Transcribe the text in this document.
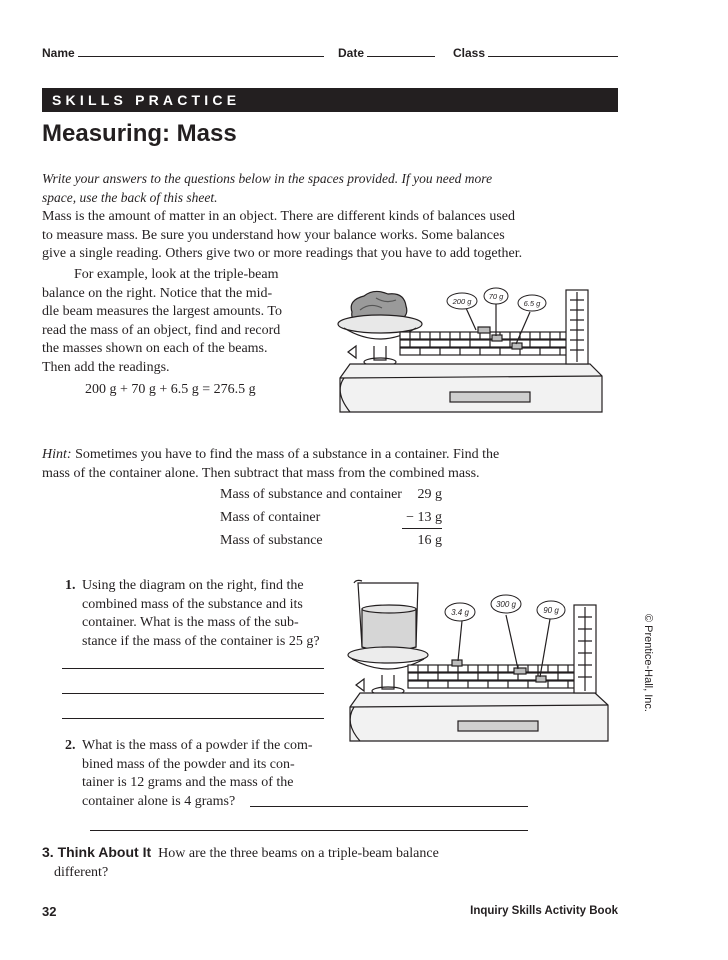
Name	Date	Class
SKILLS PRACTICE
Measuring: Mass
Write your answers to the questions below in the spaces provided. If you need more
space, use the back of this sheet.
Mass is the amount of matter in an object. There are different kinds of balances used
to measure mass. Be sure you understand how your balance works. Some balances
give a single reading. Others give two or more readings that you have to add together.
For example, look at the triple-beam
balance on the right. Notice that the mid-
dle beam measures the largest amounts. To
read the mass of an object, find and record
the masses shown on each of the beams.
Then add the readings.
200 g + 70 g + 6.5 g = 276.5 g
200 g
70 g
6.5 g
Hint: Sometimes you have to find the mass of a substance in a container. Find the
mass of the container alone. Then subtract that mass from the combined mass.
Mass of substance and container 29 g
Mass of container	− 13 g
Mass of substance	16 g
1. Using the diagram on the right, find the
combined mass of the substance and its
container. What is the mass of the sub-
stance if the mass of the container is 25 g?
3.4 g
300 g
90 g
© Prentice-Hall, Inc.
2. What is the mass of a powder if the com-
bined mass of the powder and its con-
tainer is 12 grams and the mass of the
container alone is 4 grams?
3. Think About It How are the three beams on a triple-beam balance
different?
32	Inquiry Skills Activity Book
